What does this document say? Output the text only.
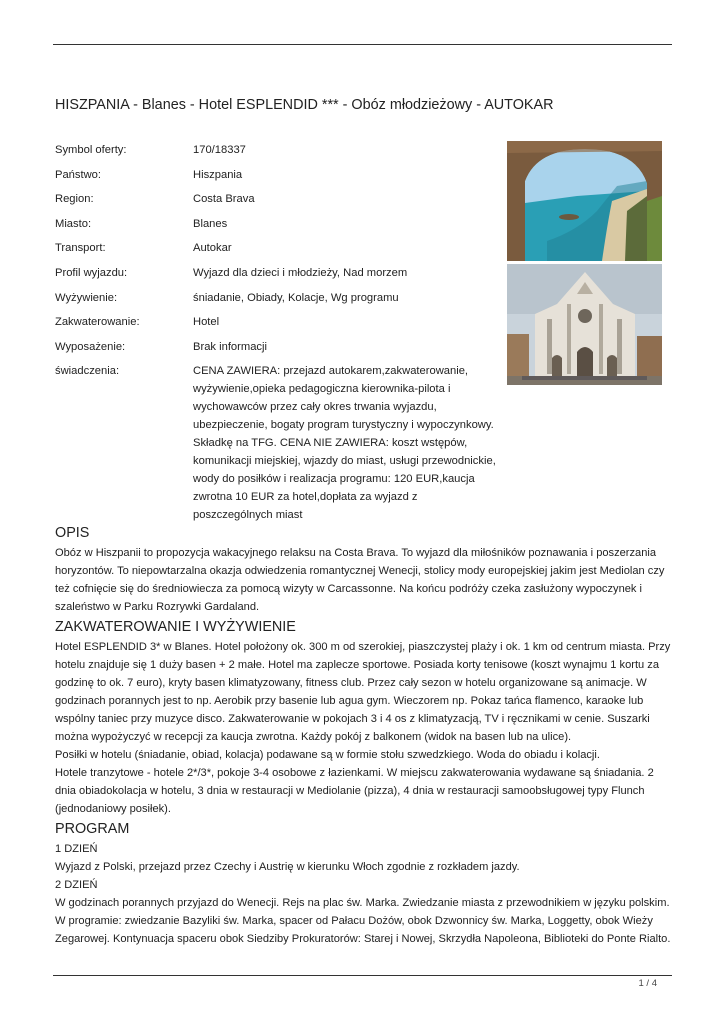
HISZPANIA - Blanes - Hotel ESPLENDID *** - Obóz młodzieżowy - AUTOKAR
Symbol oferty:	170/18337
Państwo:	Hiszpania
Region:	Costa Brava
Miasto:	Blanes
Transport:	Autokar
Profil wyjazdu:	Wyjazd dla dzieci i młodzieży, Nad morzem
Wyżywienie:	śniadanie, Obiady, Kolacje, Wg programu
Zakwaterowanie:	Hotel
Wyposażenie:	Brak informacji
świadczenia:	CENA ZAWIERA: przejazd autokarem,zakwaterowanie, wyżywienie,opieka pedagogiczna kierownika-pilota i wychowawców przez cały okres trwania wyjazdu, ubezpieczenie, bogaty program turystyczny i wypoczynkowy. Składkę na TFG. CENA NIE ZAWIERA: koszt wstępów, komunikacji miejskiej, wjazdy do miast, usługi przewodnickie, wody do posiłków i realizacja programu: 120 EUR,kaucja zwrotna 10 EUR za hotel,dopłata za wyjazd z poszczególnych miast
OPIS

Obóz w Hiszpanii to propozycja wakacyjnego relaksu na Costa Brava. To wyjazd dla miłośników poznawania i poszerzania horyzontów. To niepowtarzalna okazja odwiedzenia romantycznej Wenecji, stolicy mody europejskiej jakim jest Mediolan czy też cofnięcie się do średniowiecza za pomocą wizyty w Carcassonne. Na końcu podróży czeka zasłużony wypoczynek i szaleństwo w Parku Rozrywki Gardaland.

ZAKWATEROWANIE I WYŻYWIENIE

Hotel ESPLENDID 3* w Blanes. Hotel położony ok. 300 m od szerokiej, piaszczystej plaży i ok. 1 km od centrum miasta. Przy hotelu znajduje się 1 duży basen + 2 małe. Hotel ma zaplecze sportowe. Posiada korty tenisowe (koszt wynajmu 1 kortu za godzinę to ok. 7 euro), kryty basen klimatyzowany, fitness club. Przez cały sezon w hotelu organizowane są animacje. W godzinach porannych jest to np. Aerobik przy basenie lub agua gym. Wieczorem np. Pokaz tańca flamenco, karaoke lub wspólny taniec przy muzyce disco. Zakwaterowanie w pokojach 3 i 4 os z klimatyzacją, TV i ręcznikami w cenie. Suszarki można wypożyczyć w recepcji za kaucja zwrotna. Każdy pokój z balkonem (widok na basen lub na ulice).

Posiłki w hotelu (śniadanie, obiad, kolacja) podawane są w formie stołu szwedzkiego. Woda do obiadu i kolacji.

Hotele tranzytowe - hotele 2*/3*, pokoje 3-4 osobowe z łazienkami. W miejscu zakwaterowania wydawane są śniadania. 2 dnia obiadokolacja w hotelu, 3 dnia w restauracji w Mediolanie (pizza), 4 dnia w restauracji samoobsługowej typy Flunch (jednodaniowy posiłek).

PROGRAM

1 DZIEŃ

Wyjazd z Polski, przejazd przez Czechy i Austrię w kierunku Włoch zgodnie z rozkładem jazdy.

2 DZIEŃ

W godzinach porannych przyjazd do Wenecji. Rejs na plac św. Marka. Zwiedzanie miasta z przewodnikiem w języku polskim. W programie: zwiedzanie Bazyliki św. Marka, spacer od Pałacu Dożów, obok Dzwonnicy św. Marka, Loggetty, obok Wieży Zegarowej. Kontynuacja spaceru obok Siedziby Prokuratorów: Starej i Nowej, Skrzydła Napoleona, Biblioteki do Ponte Rialto.

1 / 4
